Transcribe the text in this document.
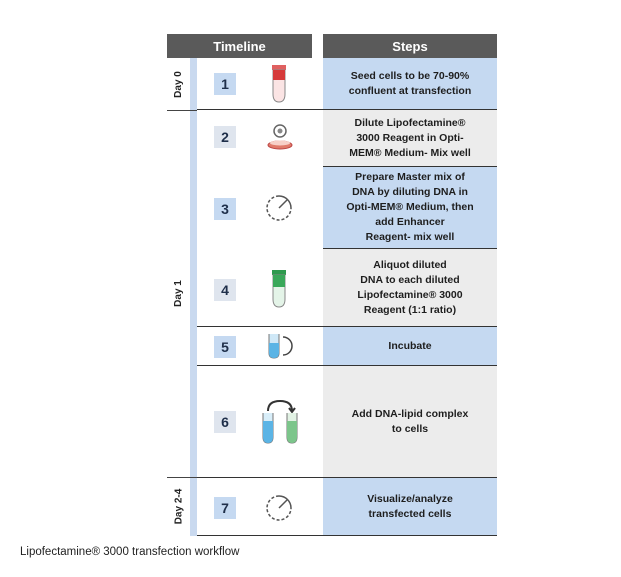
Timeline	Steps
Day 0
Day 1
Day 2-4
1
Seed cells to be 70-90%
confluent at transfection
2
Dilute Lipofectamine®
3000 Reagent in Opti-
MEM® Medium- Mix well
3
Prepare Master mix of
DNA by diluting DNA in
Opti-MEM® Medium, then
add Enhancer
Reagent- mix well
4
Aliquot diluted
DNA to each diluted
Lipofectamine® 3000
Reagent (1:1 ratio)
5	Incubate
6
Add DNA-lipid complex
to cells
7
Visualize/analyze
transfected cells
Lipofectamine® 3000 transfection workflow
